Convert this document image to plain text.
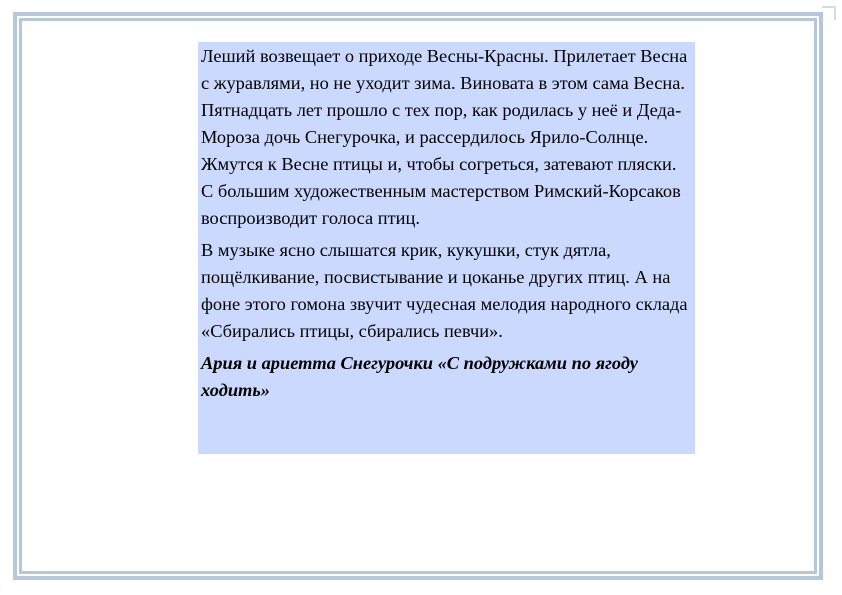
Леший возвещает о приходе Весны-Красны. Прилетает Весна с журавлями, но не уходит зима. Виновата в этом сама Весна. Пятнадцать лет прошло с тех пор, как родилась у неё и Деда-Мороза дочь Снегурочка, и рассердилось Ярило-Солнце. Жмутся к Весне птицы и, чтобы согреться, затевают пляски. С большим художественным мастерством Римский-Корсаков воспроизводит голоса птиц.

В музыке ясно слышатся крик, кукушки, стук дятла, пощёлкивание, посвистывание и цоканье других птиц. А на фоне этого гомона звучит чудесная мелодия народного склада «Сбирались птицы, сбирались певчи».

Ария и ариетта Снегурочки «С подружками по ягоду ходить»
